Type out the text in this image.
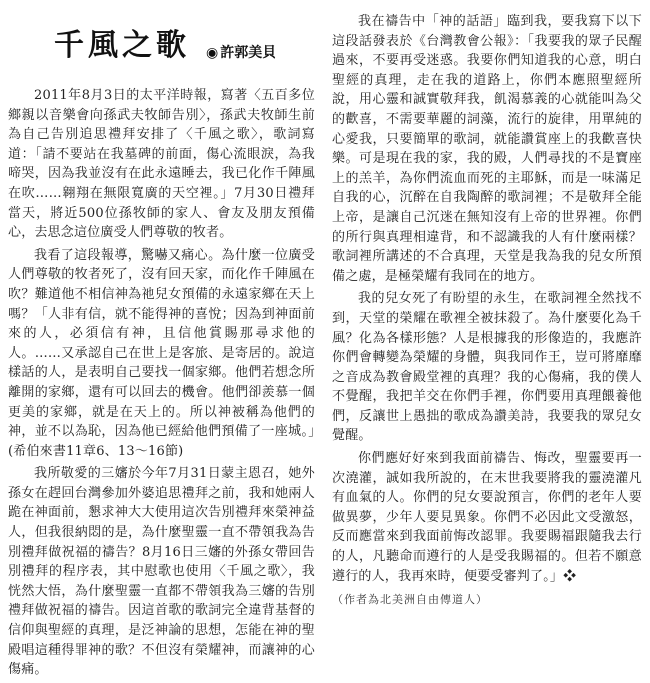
千風之歌 ◉ 許郭美貝

2011年8月3日的太平洋時報，寫著〈五百多位鄉親以音樂會向孫武夫牧師告別〉，孫武夫牧師生前為自己告別追思禮拜安排了〈千風之歌〉，歌詞寫道：「請不要站在我墓碑的前面，傷心流眼淚，為我啼哭，因為我並沒有在此永遠睡去，我已化作千陣風在吹……翱翔在無限寬廣的天空裡。」7月30日禮拜當天，將近500位孫牧師的家人、會友及朋友預備心，去思念這位廣受人們尊敬的牧者。

我看了這段報導，驚嚇又痛心。為什麼一位廣受人們尊敬的牧者死了，沒有回天家，而化作千陣風在吹？難道他不相信神為祂兒女預備的永遠家鄉在天上嗎？「人非有信，就不能得神的喜悅；因為到神面前來的人，必須信有神，且信他賞賜那尋求他的人。……又承認自己在世上是客旅、是寄居的。說這樣話的人，是表明自己要找一個家鄉。他們若想念所離開的家鄉，還有可以回去的機會。他們卻羨慕一個更美的家鄉，就是在天上的。所以神被稱為他們的神，並不以為恥，因為他已經給他們預備了一座城。」(希伯來書11章6、13～16節)

我所敬愛的三嬸於今年7月31日蒙主恩召，她外孫女在趕回台灣參加外婆追思禮拜之前，我和她兩人跪在神面前，懇求神大大使用這次告別禮拜來榮神益人，但我很納悶的是，為什麼聖靈一直不帶領我為告別禮拜做祝福的禱告？8月16日三嬸的外孫女帶回告別禮拜的程序表，其中慰歌也使用〈千風之歌〉，我恍然大悟，為什麼聖靈一直都不帶領我為三嬸的告別禮拜做祝福的禱告。因這首歌的歌詞完全違背基督的信仰與聖經的真理，是泛神論的思想，怎能在神的聖殿唱這種得罪神的歌？不但沒有榮耀神，而讓神的心傷痛。

我在禱告中「神的話語」臨到我，要我寫下以下這段話發表於《台灣教會公報》：「我要我的眾子民醒過來，不要再受迷惑。我要你們知道我的心意，明白聖經的真理，走在我的道路上，你們本應照聖經所說，用心靈和誠實敬拜我，飢渴慕義的心就能叫為父的歡喜，不需要華麗的詞藻，流行的旋律，用單純的心愛我，只要簡單的歌詞，就能讚賞座上的我歡喜快樂。可是現在我的家，我的殿，人們尋找的不是寶座上的羔羊，為你們流血而死的主耶穌，而是一味滿足自我的心，沉醉在自我陶醉的歌詞裡；不是敬拜全能上帝，是讓自己沉迷在無知沒有上帝的世界裡。你們的所行與真理相違背，和不認識我的人有什麼兩樣？歌詞裡所講述的不合真理，天堂是我為我的兒女所預備之處，是極榮耀有我同在的地方。

我的兒女死了有盼望的永生，在歌詞裡全然找不到，天堂的榮耀在歌裡全被抹殺了。為什麼要化為千風？化為各樣形態？人是根據我的形像造的，我應許你們會轉變為榮耀的身體，與我同作王，豈可將靡靡之音成為教會殿堂裡的真理？我的心傷痛，我的僕人不覺醒，我把羊交在你們手裡，你們要用真理餵養他們，反讓世上愚拙的歌成為讚美詩，我要我的眾兒女覺醒。

你們應好好來到我面前禱告、悔改，聖靈要再一次澆灌，誠如我所說的，在末世我要將我的靈澆灌凡有血氣的人。你們的兒女要說預言，你們的老年人要做異夢，少年人要見異象。你們不必因此文受激怒，反而應當來到我面前悔改認罪。我要賜福跟隨我去行的人，凡聽命而遵行的人是受我賜福的。但若不願意遵行的人，我再來時，便要受審判了。」❖

（作者為北美洲自由傳道人）
